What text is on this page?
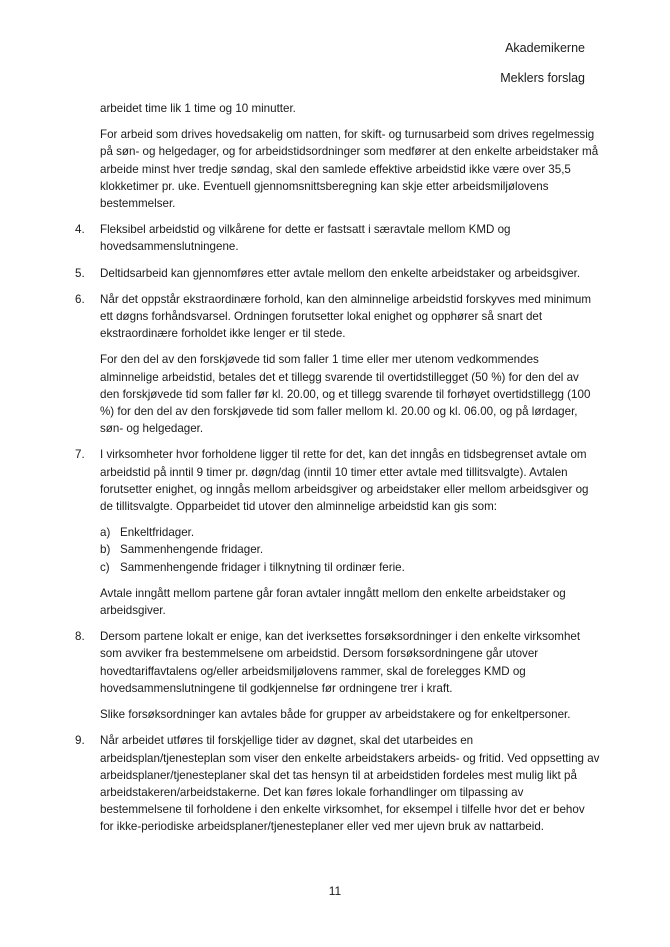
Akademikerne
Meklers forslag

arbeidet time lik 1 time og 10 minutter.

For arbeid som drives hovedsakelig om natten, for skift- og turnusarbeid som drives regelmessig på søn- og helgedager, og for arbeidstidsordninger som medfører at den enkelte arbeidstaker må arbeide minst hver tredje søndag, skal den samlede effektive arbeidstid ikke være over 35,5 klokketimer pr. uke. Eventuell gjennomsnittsberegning kan skje etter arbeidsmiljølovens bestemmelser.

4. Fleksibel arbeidstid og vilkårene for dette er fastsatt i særavtale mellom KMD og hovedsammenslutningene.
5. Deltidsarbeid kan gjennomføres etter avtale mellom den enkelte arbeidstaker og arbeidsgiver.
6. Når det oppstår ekstraordinære forhold, kan den alminnelige arbeidstid forskyves med minimum ett døgns forhåndsvarsel. Ordningen forutsetter lokal enighet og opphører så snart det ekstraordinære forholdet ikke lenger er til stede.

For den del av den forskjøvede tid som faller 1 time eller mer utenom vedkommendes alminnelige arbeidstid, betales det et tillegg svarende til overtidstillegget (50 %) for den del av den forskjøvede tid som faller før kl. 20.00, og et tillegg svarende til forhøyet overtidstillegg (100 %) for den del av den forskjøvede tid som faller mellom kl. 20.00 og kl. 06.00, og på lørdager, søn- og helgedager.

7. I virksomheter hvor forholdene ligger til rette for det, kan det inngås en tidsbegrenset avtale om arbeidstid på inntil 9 timer pr. døgn/dag (inntil 10 timer etter avtale med tillitsvalgte). Avtalen forutsetter enighet, og inngås mellom arbeidsgiver og arbeidstaker eller mellom arbeidsgiver og de tillitsvalgte. Opparbeidet tid utover den alminnelige arbeidstid kan gis som:
a) Enkeltfridager.
b) Sammenhengende fridager.
c) Sammenhengende fridager i tilknytning til ordinær ferie.

Avtale inngått mellom partene går foran avtaler inngått mellom den enkelte arbeidstaker og arbeidsgiver.

8. Dersom partene lokalt er enige, kan det iverksettes forsøksordninger i den enkelte virksomhet som avviker fra bestemmelsene om arbeidstid. Dersom forsøksordningene går utover hovedtariffavtalens og/eller arbeidsmiljølovens rammer, skal de forelegges KMD og hovedsammenslutningene til godkjennelse før ordningene trer i kraft.

Slike forsøksordninger kan avtales både for grupper av arbeidstakere og for enkeltpersoner.

9. Når arbeidet utføres til forskjellige tider av døgnet, skal det utarbeides en arbeidsplan/tjenesteplan som viser den enkelte arbeidstakers arbeids- og fritid. Ved oppsetting av arbeidsplaner/tjenesteplaner skal det tas hensyn til at arbeidstiden fordeles mest mulig likt på arbeidstakeren/arbeidstakerne. Det kan føres lokale forhandlinger om tilpassing av bestemmelsene til forholdene i den enkelte virksomhet, for eksempel i tilfelle hvor det er behov for ikke-periodiske arbeidsplaner/tjenesteplaner eller ved mer ujevn bruk av nattarbeid.
11
